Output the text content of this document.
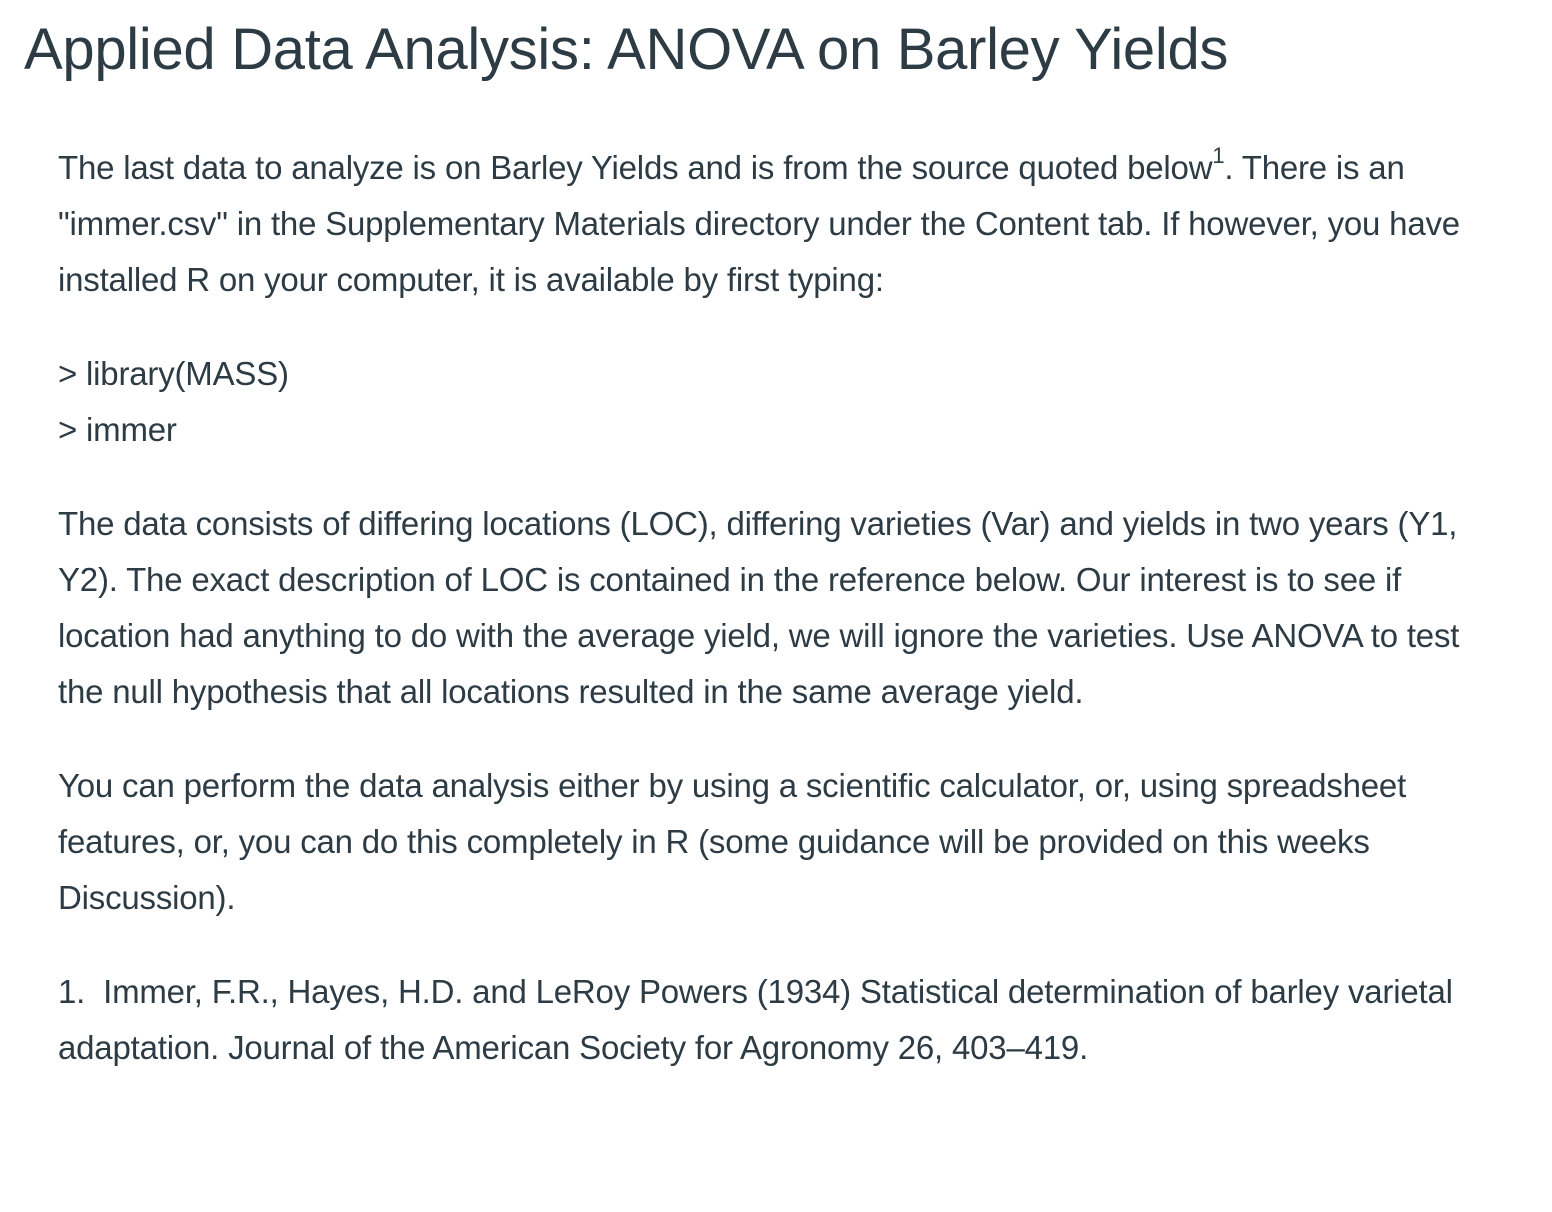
Applied Data Analysis: ANOVA on Barley Yields

The last data to analyze is on Barley Yields and is from the source quoted below$^1$. There is an "immer.csv" in the Supplementary Materials directory under the Content tab. If however, you have installed R on your computer, it is available by first typing:

> library(MASS)
> immer

The data consists of differing locations (LOC), differing varieties (Var) and yields in two years (Y1, Y2). The exact description of LOC is contained in the reference below. Our interest is to see if location had anything to do with the average yield, we will ignore the varieties. Use ANOVA to test the null hypothesis that all locations resulted in the same average yield.

You can perform the data analysis either by using a scientific calculator, or, using spreadsheet features, or, you can do this completely in R (some guidance will be provided on this weeks Discussion).

1. Immer, F.R., Hayes, H.D. and LeRoy Powers (1934) Statistical determination of barley varietal adaptation. Journal of the American Society for Agronomy 26, 403–419.
